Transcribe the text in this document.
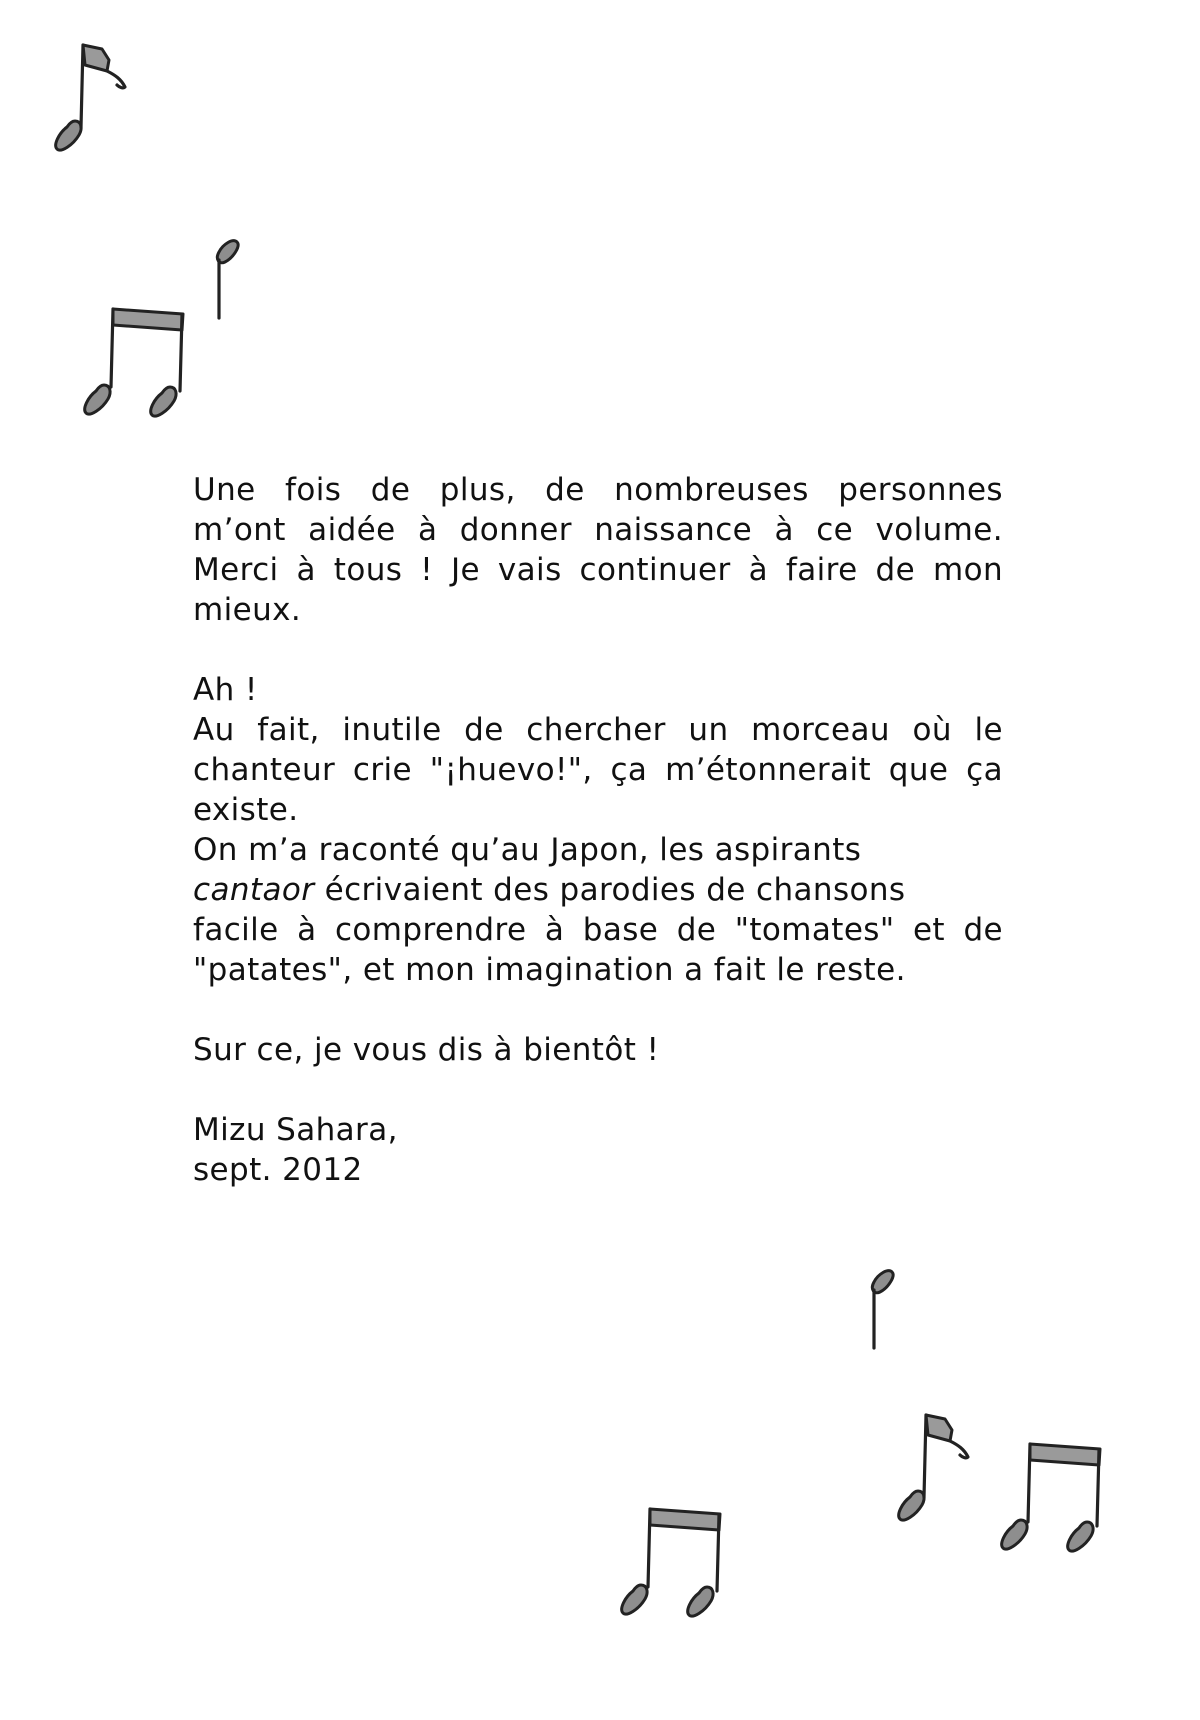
Une fois de plus, de nombreuses personnes
m’ont aidée à donner naissance à ce volume.
Merci à tous ! Je vais continuer à faire de mon
mieux.

Ah !
Au fait, inutile de chercher un morceau où le
chanteur crie "¡huevo!", ça m’étonnerait que ça
existe.
On m’a raconté qu’au Japon, les aspirants
cantaor écrivaient des parodies de chansons
facile à comprendre à base de "tomates" et de
"patates", et mon imagination a fait le reste.

Sur ce, je vous dis à bientôt !

Mizu Sahara,
sept. 2012
